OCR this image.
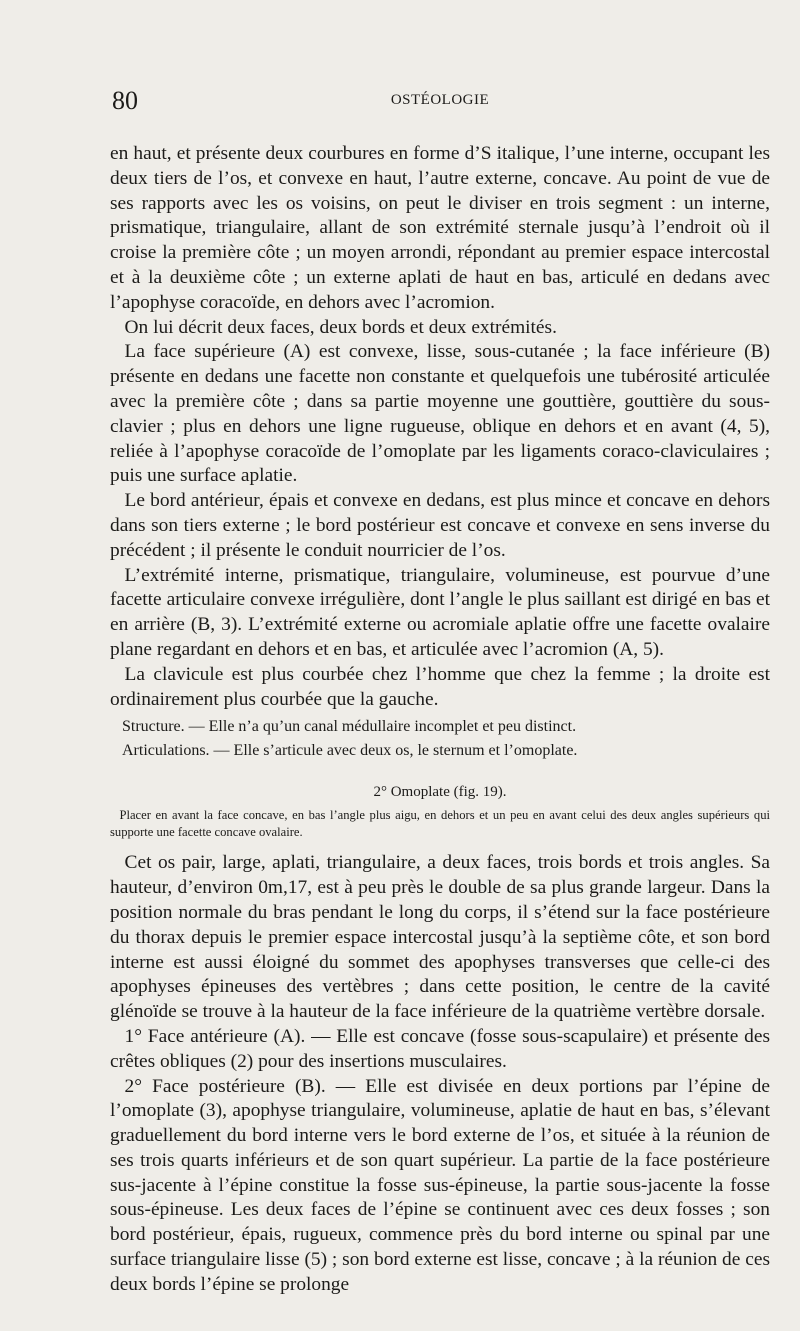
80	OSTÉOLOGIE

en haut, et présente deux courbures en forme d’S italique, l’une interne, occupant les deux tiers de l’os, et convexe en haut, l’autre externe, concave. Au point de vue de ses rapports avec les os voisins, on peut le diviser en trois segment : un interne, prismatique, triangulaire, allant de son extrémité sternale jusqu’à l’endroit où il croise la première côte ; un moyen arrondi, répondant au premier espace intercostal et à la deuxième côte ; un externe aplati de haut en bas, articulé en dedans avec l’apophyse coracoïde, en dehors avec l’acromion.

On lui décrit deux faces, deux bords et deux extrémités.

La face supérieure (A) est convexe, lisse, sous-cutanée ; la face inférieure (B) présente en dedans une facette non constante et quelquefois une tubérosité articulée avec la première côte ; dans sa partie moyenne une gouttière, gouttière du sous-clavier ; plus en dehors une ligne rugueuse, oblique en dehors et en avant (4, 5), reliée à l’apophyse coracoïde de l’omoplate par les ligaments coraco-claviculaires ; puis une surface aplatie.

Le bord antérieur, épais et convexe en dedans, est plus mince et concave en dehors dans son tiers externe ; le bord postérieur est concave et convexe en sens inverse du précédent ; il présente le conduit nourricier de l’os.

L’extrémité interne, prismatique, triangulaire, volumineuse, est pourvue d’une facette articulaire convexe irrégulière, dont l’angle le plus saillant est dirigé en bas et en arrière (B, 3). L’extrémité externe ou acromiale aplatie offre une facette ovalaire plane regardant en dehors et en bas, et articulée avec l’acromion (A, 5).

La clavicule est plus courbée chez l’homme que chez la femme ; la droite est ordinairement plus courbée que la gauche.

Structure. — Elle n’a qu’un canal médullaire incomplet et peu distinct.

Articulations. — Elle s’articule avec deux os, le sternum et l’omoplate.

2° Omoplate (fig. 19).

Placer en avant la face concave, en bas l’angle plus aigu, en dehors et un peu en avant celui des deux angles supérieurs qui supporte une facette concave ovalaire.

Cet os pair, large, aplati, triangulaire, a deux faces, trois bords et trois angles. Sa hauteur, d’environ 0m,17, est à peu près le double de sa plus grande largeur. Dans la position normale du bras pendant le long du corps, il s’étend sur la face postérieure du thorax depuis le premier espace intercostal jusqu’à la septième côte, et son bord interne est aussi éloigné du sommet des apophyses transverses que celle-ci des apophyses épineuses des vertèbres ; dans cette position, le centre de la cavité glénoïde se trouve à la hauteur de la face inférieure de la quatrième vertèbre dorsale.

1° Face antérieure (A). — Elle est concave (fosse sous-scapulaire) et présente des crêtes obliques (2) pour des insertions musculaires.

2° Face postérieure (B). — Elle est divisée en deux portions par l’épine de l’omoplate (3), apophyse triangulaire, volumineuse, aplatie de haut en bas, s’élevant graduellement du bord interne vers le bord externe de l’os, et située à la réunion de ses trois quarts inférieurs et de son quart supérieur. La partie de la face postérieure sus-jacente à l’épine constitue la fosse sus-épineuse, la partie sous-jacente la fosse sous-épineuse. Les deux faces de l’épine se continuent avec ces deux fosses ; son bord postérieur, épais, rugueux, commence près du bord interne ou spinal par une surface triangulaire lisse (5) ; son bord externe est lisse, concave ; à la réunion de ces deux bords l’épine se prolonge
